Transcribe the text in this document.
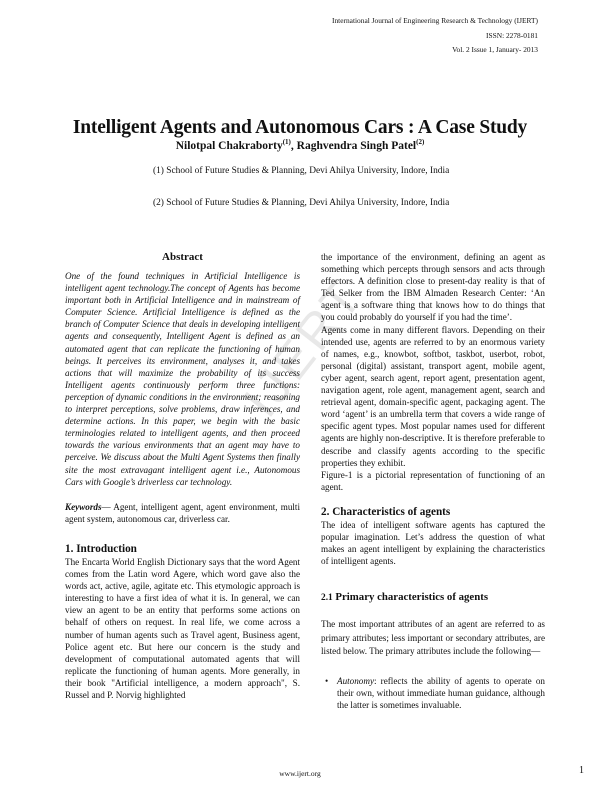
International Journal of Engineering Research & Technology (IJERT)
ISSN: 2278-0181
Vol. 2 Issue 1, January- 2013
Intelligent Agents and Autonomous Cars : A Case Study
Nilotpal Chakraborty$^{(1)}$, Raghvendra Singh Patel$^{(2)}$
(1) School of Future Studies & Planning, Devi Ahilya University, Indore, India
(2) School of Future Studies & Planning, Devi Ahilya University, Indore, India
IJERT
Abstract

One of the found techniques in Artificial Intelligence is intelligent agent technology.The concept of Agents has become important both in Artificial Intelligence and in mainstream of Computer Science. Artificial Intelligence is defined as the branch of Computer Science that deals in developing intelligent agents and consequently, Intelligent Agent is defined as an automated agent that can replicate the functioning of human beings. It perceives its environment, analyses it, and takes actions that will maximize the probability of its success Intelligent agents continuously perform three functions: perception of dynamic conditions in the environment; reasoning to interpret perceptions, solve problems, draw inferences, and determine actions. In this paper, we begin with the basic terminologies related to intelligent agents, and then proceed towards the various environments that an agent may have to perceive. We discuss about the Multi Agent Systems then finally site the most extravagant intelligent agent i.e., Autonomous Cars with Google’s driverless car technology.

Keywords— Agent, intelligent agent, agent environment, multi agent system, autonomous car, driverless car.

1. Introduction

The Encarta World English Dictionary says that the word Agent comes from the Latin word Agere, which word gave also the words act, active, agile, agitate etc. This etymologic approach is interesting to have a first idea of what it is. In general, we can view an agent to be an entity that performs some actions on behalf of others on request. In real life, we come across a number of human agents such as Travel agent, Business agent, Police agent etc. But here our concern is the study and development of computational automated agents that will replicate the functioning of human agents. More generally, in their book "Artificial intelligence, a modern approach", S. Russel and P. Norvig highlighted

the importance of the environment, defining an agent as something which percepts through sensors and acts through effectors. A definition close to present-day reality is that of Ted Selker from the IBM Almaden Research Center: ‘An agent is a software thing that knows how to do things that you could probably do yourself if you had the time’.

Agents come in many different flavors. Depending on their intended use, agents are referred to by an enormous variety of names, e.g., knowbot, softbot, taskbot, userbot, robot, personal (digital) assistant, transport agent, mobile agent, cyber agent, search agent, report agent, presentation agent, navigation agent, role agent, management agent, search and retrieval agent, domain-specific agent, packaging agent. The word ‘agent’ is an umbrella term that covers a wide range of specific agent types. Most popular names used for different agents are highly non-descriptive. It is therefore preferable to describe and classify agents according to the specific properties they exhibit.

Figure-1 is a pictorial representation of functioning of an agent.

2. Characteristics of agents

The idea of intelligent software agents has captured the popular imagination. Let’s address the question of what makes an agent intelligent by explaining the characteristics of intelligent agents.

2.1 Primary characteristics of agents

The most important attributes of an agent are referred to as primary attributes; less important or secondary attributes, are listed below. The primary attributes include the following—

• Autonomy: reflects the ability of agents to operate on their own, without immediate human guidance, although the latter is sometimes invaluable.

www.ijert.org	1
